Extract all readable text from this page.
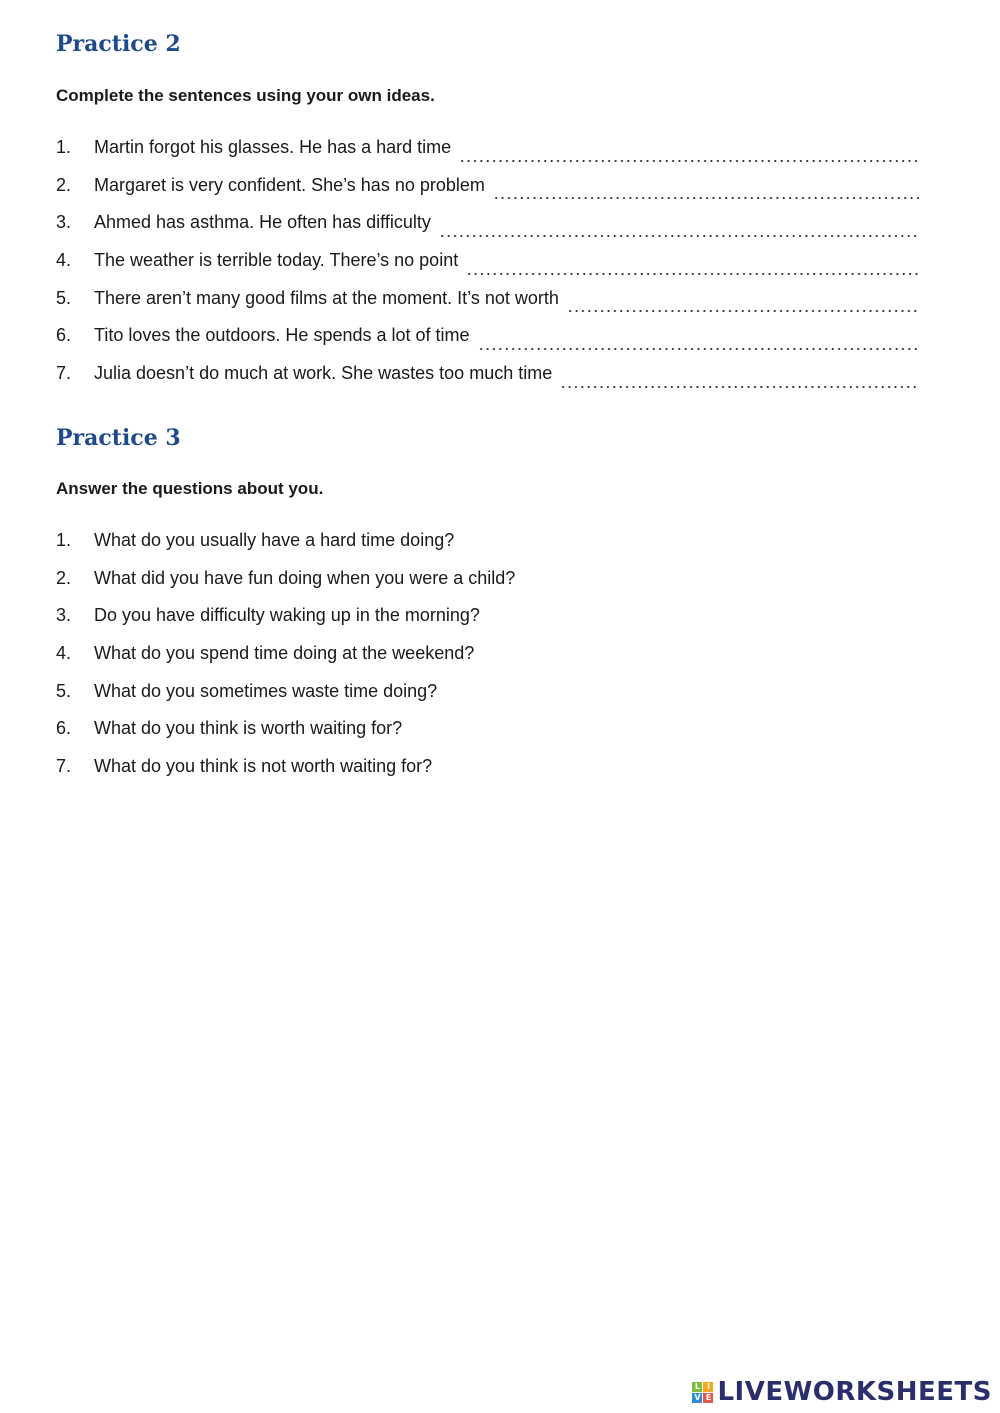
Practice 2

Complete the sentences using your own ideas.

1.	Martin forgot his glasses. He has a hard time
2.	Margaret is very confident. She’s has no problem
3.	Ahmed has asthma. He often has difficulty
4.	The weather is terrible today. There’s no point
5.	There aren’t many good films at the moment. It’s not worth
6.	Tito loves the outdoors. He spends a lot of time
7.	Julia doesn’t do much at work. She wastes too much time
Practice 3

Answer the questions about you.

1.	What do you usually have a hard time doing?
2.	What did you have fun doing when you were a child?
3.	Do you have difficulty waking up in the morning?
4.	What do you spend time doing at the weekend?
5.	What do you sometimes waste time doing?
6.	What do you think is worth waiting for?
7.	What do you think is not worth waiting for?
L I
V E LIVEWORKSHEETS
